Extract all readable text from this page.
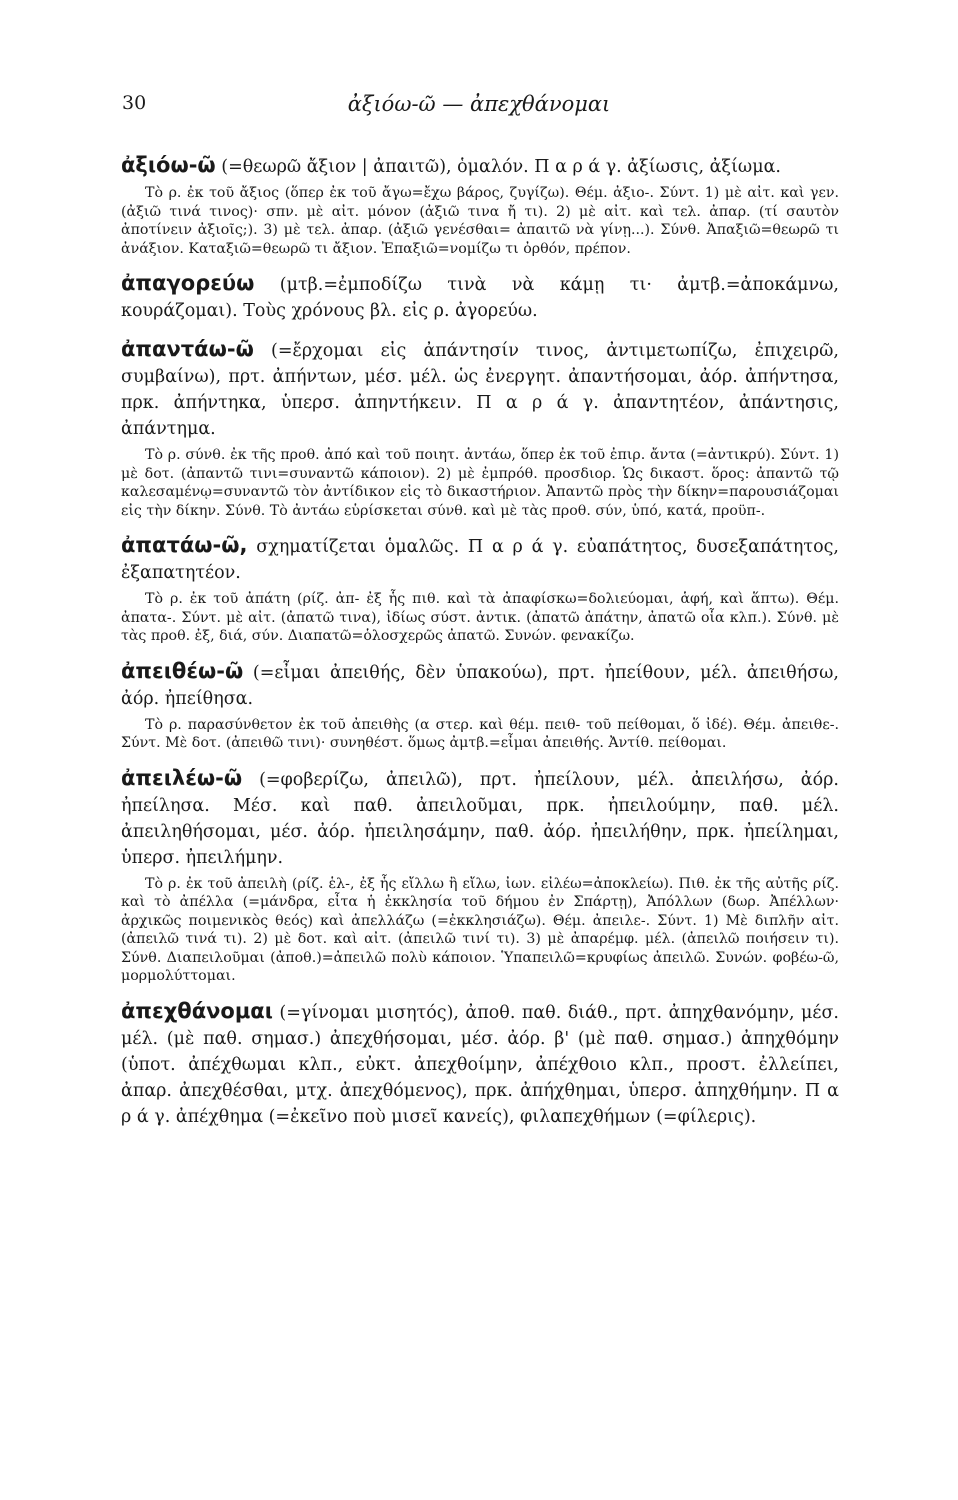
30	ἀξιόω-ῶ — ἀπεχθάνομαι

ἀξιόω-ῶ (=θεωρῶ ἄξιον | ἀπαιτῶ), ὁμαλόν. Π α ρ ά γ. ἀξίωσις, ἀξίωμα.

Τὸ ρ. ἐκ τοῦ ἄξιος (ὅπερ ἐκ τοῦ ἄγω=ἔχω βάρος, ζυγίζω). Θέμ. ἀξιο-. Σύντ. 1) μὲ αἰτ. καὶ γεν. (ἀξιῶ τινά τινος)· σπν. μὲ αἰτ. μόνον (ἀξιῶ τινα ἤ τι). 2) μὲ αἰτ. καὶ τελ. ἀπαρ. (τί σαυτὸν ἀποτίνειν ἀξιοῖς;). 3) μὲ τελ. ἀπαρ. (ἀξιῶ γενέσθαι= ἀπαιτῶ νὰ γίνῃ...). Σύνθ. Ἀπαξιῶ=θεωρῶ τι ἀνάξιον. Καταξιῶ=θεωρῶ τι ἄξιον. Ἐπαξιῶ=νομίζω τι ὀρθόν, πρέπον.

ἀπαγορεύω (μτβ.=ἐμποδίζω τινὰ νὰ κάμῃ τι· ἀμτβ.=ἀποκάμνω, κουράζομαι). Τοὺς χρόνους βλ. εἰς ρ. ἀγορεύω.

ἀπαντάω-ῶ (=ἔρχομαι εἰς ἀπάντησίν τινος, ἀντιμετωπίζω, ἐπιχειρῶ, συμβαίνω), πρτ. ἀπήντων, μέσ. μέλ. ὡς ἐνεργητ. ἀπαντήσομαι, ἀόρ. ἀπήντησα, πρκ. ἀπήντηκα, ὑπερσ. ἀπηντήκειν. Π α ρ ά γ. ἀπαντητέον, ἀπάντησις, ἀπάντημα.

Τὸ ρ. σύνθ. ἐκ τῆς προθ. ἀπό καὶ τοῦ ποιητ. ἀντάω, ὅπερ ἐκ τοῦ ἐπιρ. ἄντα (=ἀντικρύ). Σύντ. 1) μὲ δοτ. (ἀπαντῶ τινι=συναντῶ κάποιον). 2) μὲ ἐμπρόθ. προσδιορ. Ὡς δικαστ. ὅρος: ἀπαντῶ τῷ καλεσαμένῳ=συναντῶ τὸν ἀντίδικον εἰς τὸ δικαστήριον. Ἀπαντῶ πρὸς τὴν δίκην=παρουσιάζομαι εἰς τὴν δίκην. Σύνθ. Τὸ ἀντάω εὑρίσκεται σύνθ. καὶ μὲ τὰς προθ. σύν, ὑπό, κατά, προϋπ-.

ἀπατάω-ῶ, σχηματίζεται ὁμαλῶς. Π α ρ ά γ. εὐαπάτητος, δυσεξαπάτητος, ἐξαπατητέον.

Τὸ ρ. ἐκ τοῦ ἀπάτη (ρίζ. ἀπ- ἐξ ἧς πιθ. καὶ τὰ ἀπαφίσκω=δολιεύομαι, ἁφή, καὶ ἅπτω). Θέμ. ἀπατα-. Σύντ. μὲ αἰτ. (ἀπατῶ τινα), ἰδίως σύστ. ἀντικ. (ἀπατῶ ἀπάτην, ἀπατῶ οἷα κλπ.). Σύνθ. μὲ τὰς προθ. ἐξ, διά, σύν. Διαπατῶ=ὁλοσχερῶς ἀπατῶ. Συνών. φενακίζω.

ἀπειθέω-ῶ (=εἶμαι ἀπειθής, δὲν ὑπακούω), πρτ. ἠπείθουν, μέλ. ἀπειθήσω, ἀόρ. ἠπείθησα.

Τὸ ρ. παρασύνθετον ἐκ τοῦ ἀπειθὴς (α στερ. καὶ θέμ. πειθ- τοῦ πείθομαι, ὅ ἰδέ). Θέμ. ἀπειθε-. Σύντ. Μὲ δοτ. (ἀπειθῶ τινι)· συνηθέστ. ὅμως ἀμτβ.=εἶμαι ἀπειθής. Ἀντίθ. πείθομαι.

ἀπειλέω-ῶ (=φοβερίζω, ἀπειλῶ), πρτ. ἠπείλουν, μέλ. ἀπειλήσω, ἀόρ. ἠπείλησα. Μέσ. καὶ παθ. ἀπειλοῦμαι, πρκ. ἠπειλούμην, παθ. μέλ. ἀπειληθήσομαι, μέσ. ἀόρ. ἠπειλησάμην, παθ. ἀόρ. ἠπειλήθην, πρκ. ἠπείλημαι, ὑπερσ. ἠπειλήμην.

Τὸ ρ. ἐκ τοῦ ἀπειλὴ (ρίζ. ἑλ-, ἐξ ἧς εἴλλω ἢ εἴλω, ἰων. εἰλέω=ἀποκλείω). Πιθ. ἐκ τῆς αὐτῆς ρίζ. καὶ τὸ ἀπέλλα (=μάνδρα, εἶτα ἡ ἐκκλησία τοῦ δήμου ἐν Σπάρτῃ), Ἀπόλλων (δωρ. Ἀπέλλων· ἀρχικῶς ποιμενικὸς θεός) καὶ ἀπελλάζω (=ἐκκλησιάζω). Θέμ. ἀπειλε-. Σύντ. 1) Μὲ διπλῆν αἰτ. (ἀπειλῶ τινά τι). 2) μὲ δοτ. καὶ αἰτ. (ἀπειλῶ τινί τι). 3) μὲ ἀπαρέμφ. μέλ. (ἀπειλῶ ποιήσειν τι). Σύνθ. Διαπειλοῦμαι (ἀποθ.)=ἀπειλῶ πολὺ κάποιον. Ὑπαπειλῶ=κρυφίως ἀπειλῶ. Συνών. φοβέω-ῶ, μορμολύττομαι.

ἀπεχθάνομαι (=γίνομαι μισητός), ἀποθ. παθ. διάθ., πρτ. ἀπηχθανόμην, μέσ. μέλ. (μὲ παθ. σημασ.) ἀπεχθήσομαι, μέσ. ἀόρ. β' (μὲ παθ. σημασ.) ἀπηχθόμην (ὑποτ. ἀπέχθωμαι κλπ., εὐκτ. ἀπεχθοίμην, ἀπέχθοιο κλπ., προστ. ἐλλείπει, ἀπαρ. ἀπεχθέσθαι, μτχ. ἀπεχθόμενος), πρκ. ἀπήχθημαι, ὑπερσ. ἀπηχθήμην. Π α ρ ά γ. ἀπέχθημα (=ἐκεῖνο ποὺ μισεῖ κανείς), φιλαπεχθήμων (=φίλερις).
